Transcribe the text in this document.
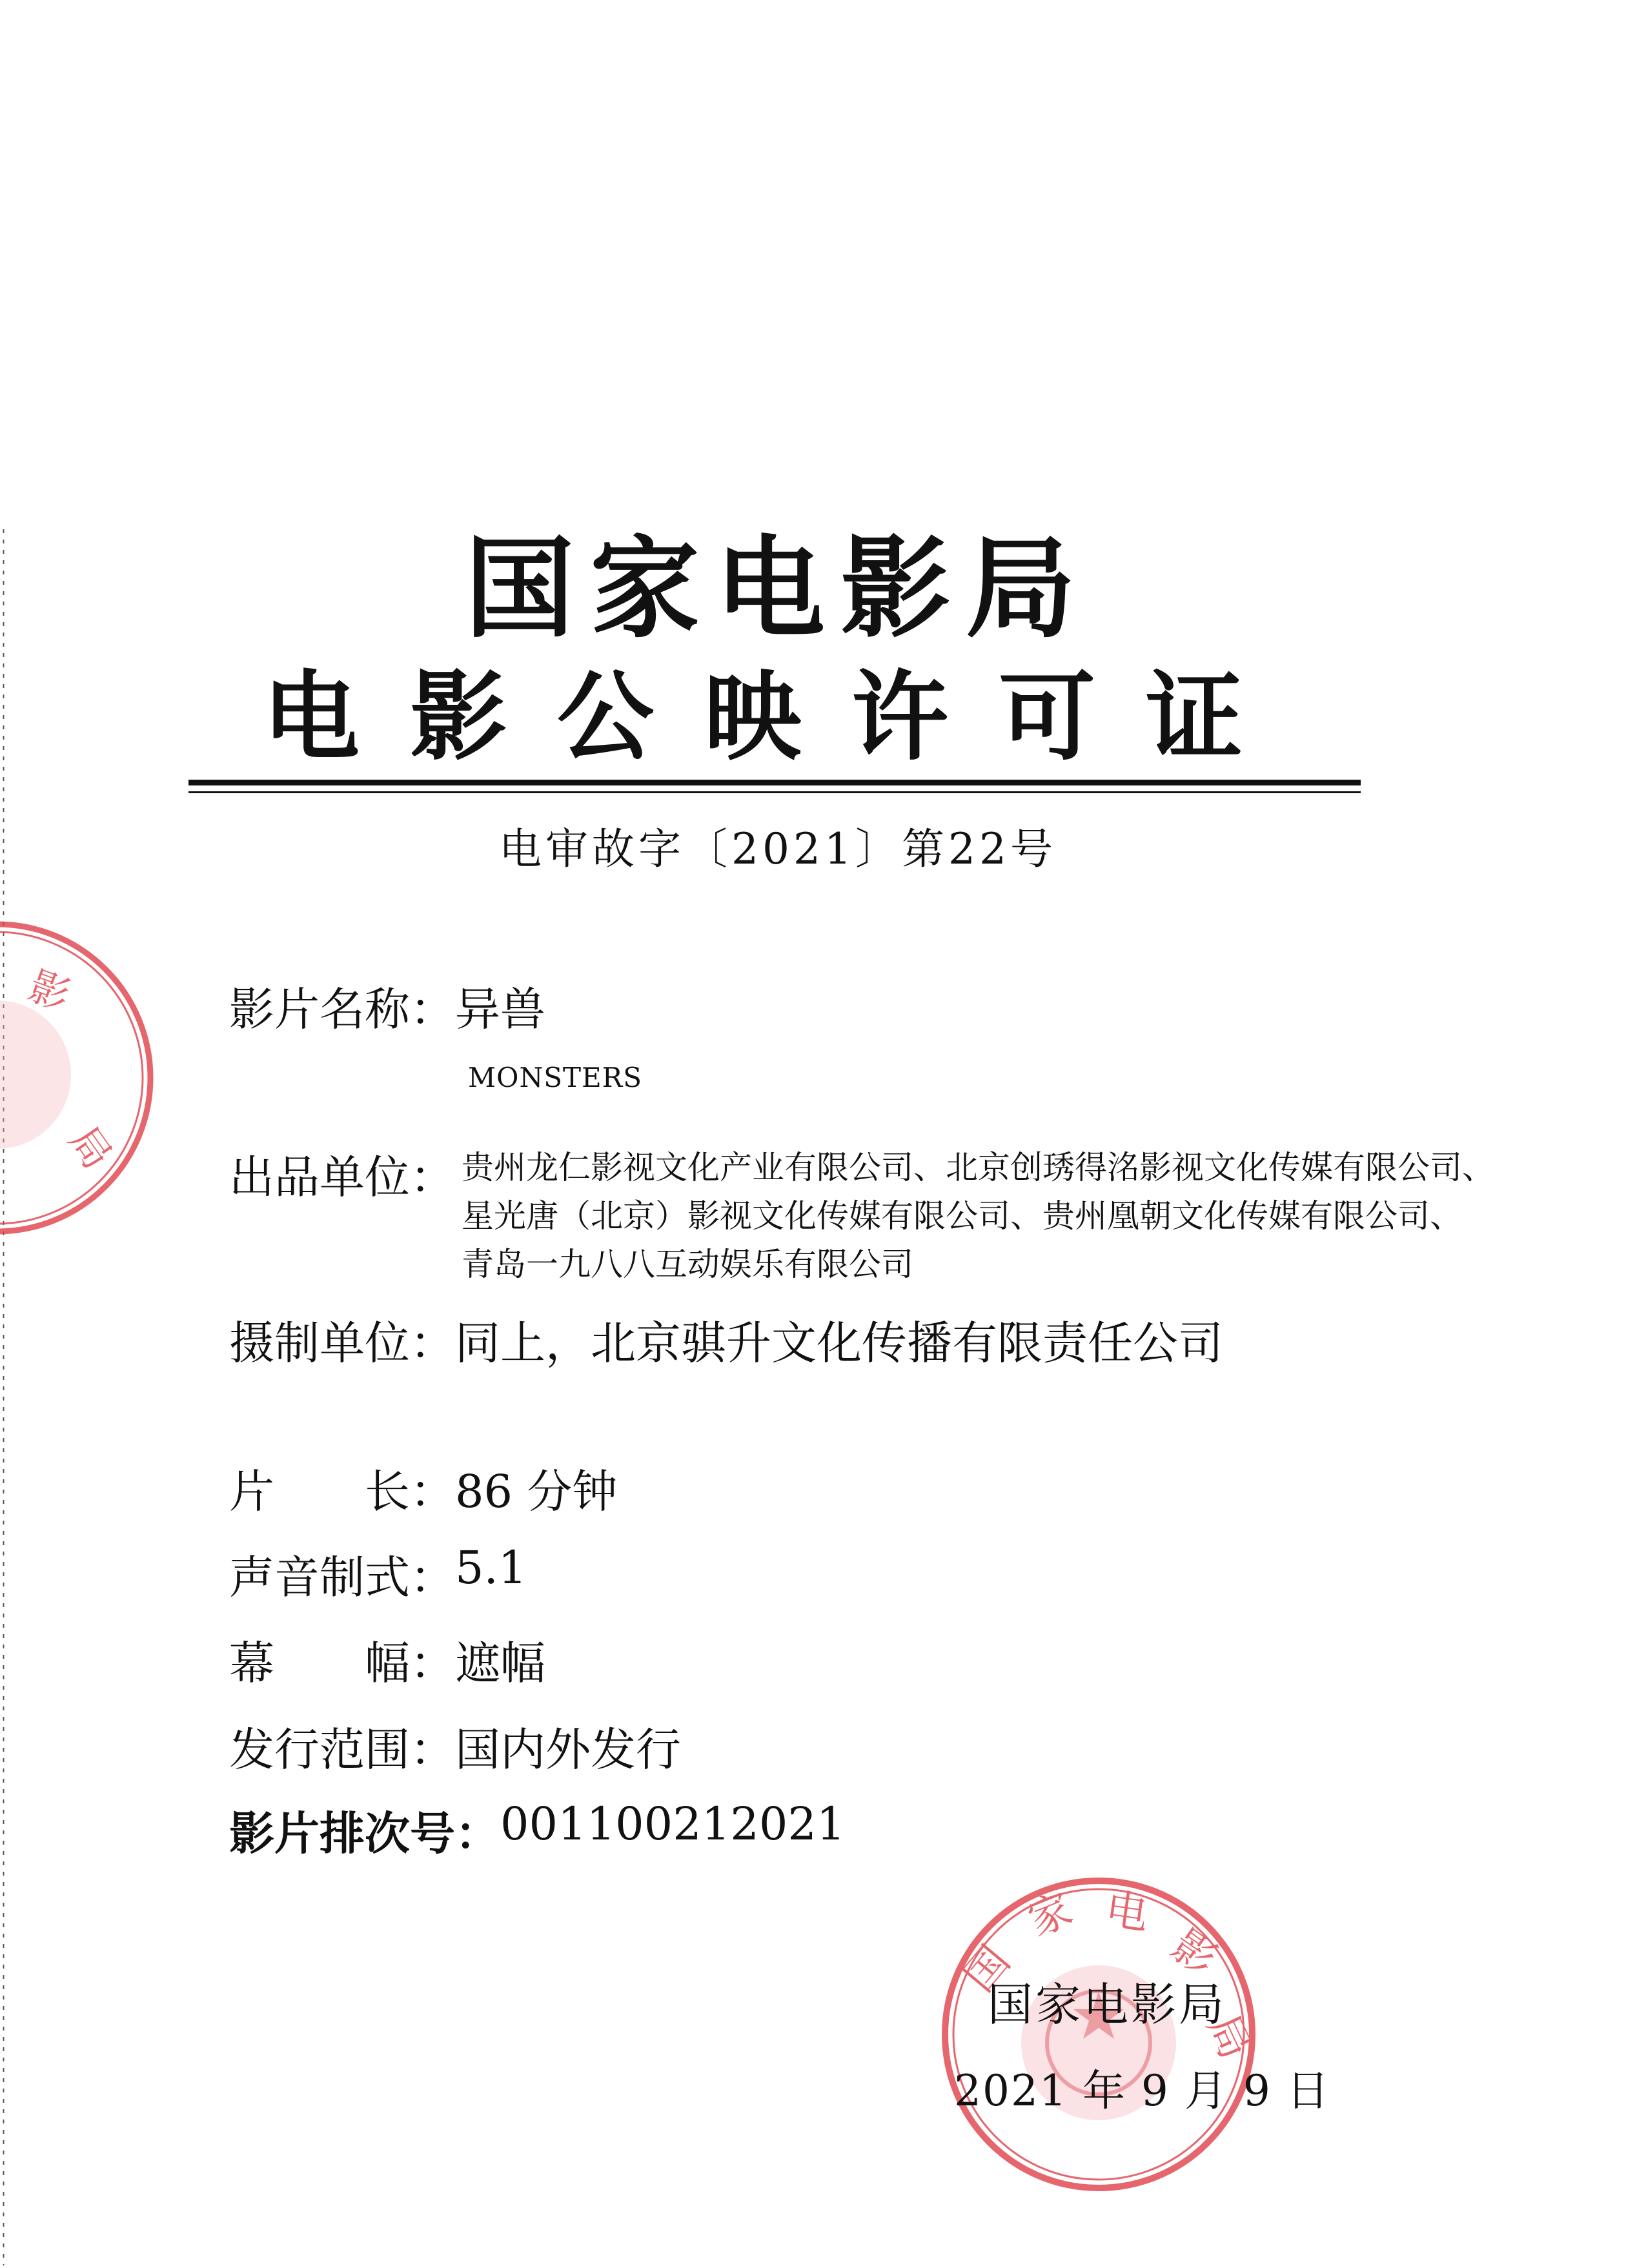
国家电影局
电影公映许可证
电审故字〔2021〕第22号
影片名称： 异兽
MONSTERS
出品单位： 贵州龙仁影视文化产业有限公司、北京创琇得洺影视文化传媒有限公司、
星光唐（北京）影视文化传媒有限公司、贵州凰朝文化传媒有限公司、
青岛一九八八互动娱乐有限公司
摄制单位： 同上，北京骐升文化传播有限责任公司
片　　长： 86 分钟
声音制式： 5.1
幕　　幅： 遮幅
发行范围： 国内外发行
影片排次号： 001100212021
影
局
国
家 电
影
局
国家电影局
2021 年 9 月 9 日
